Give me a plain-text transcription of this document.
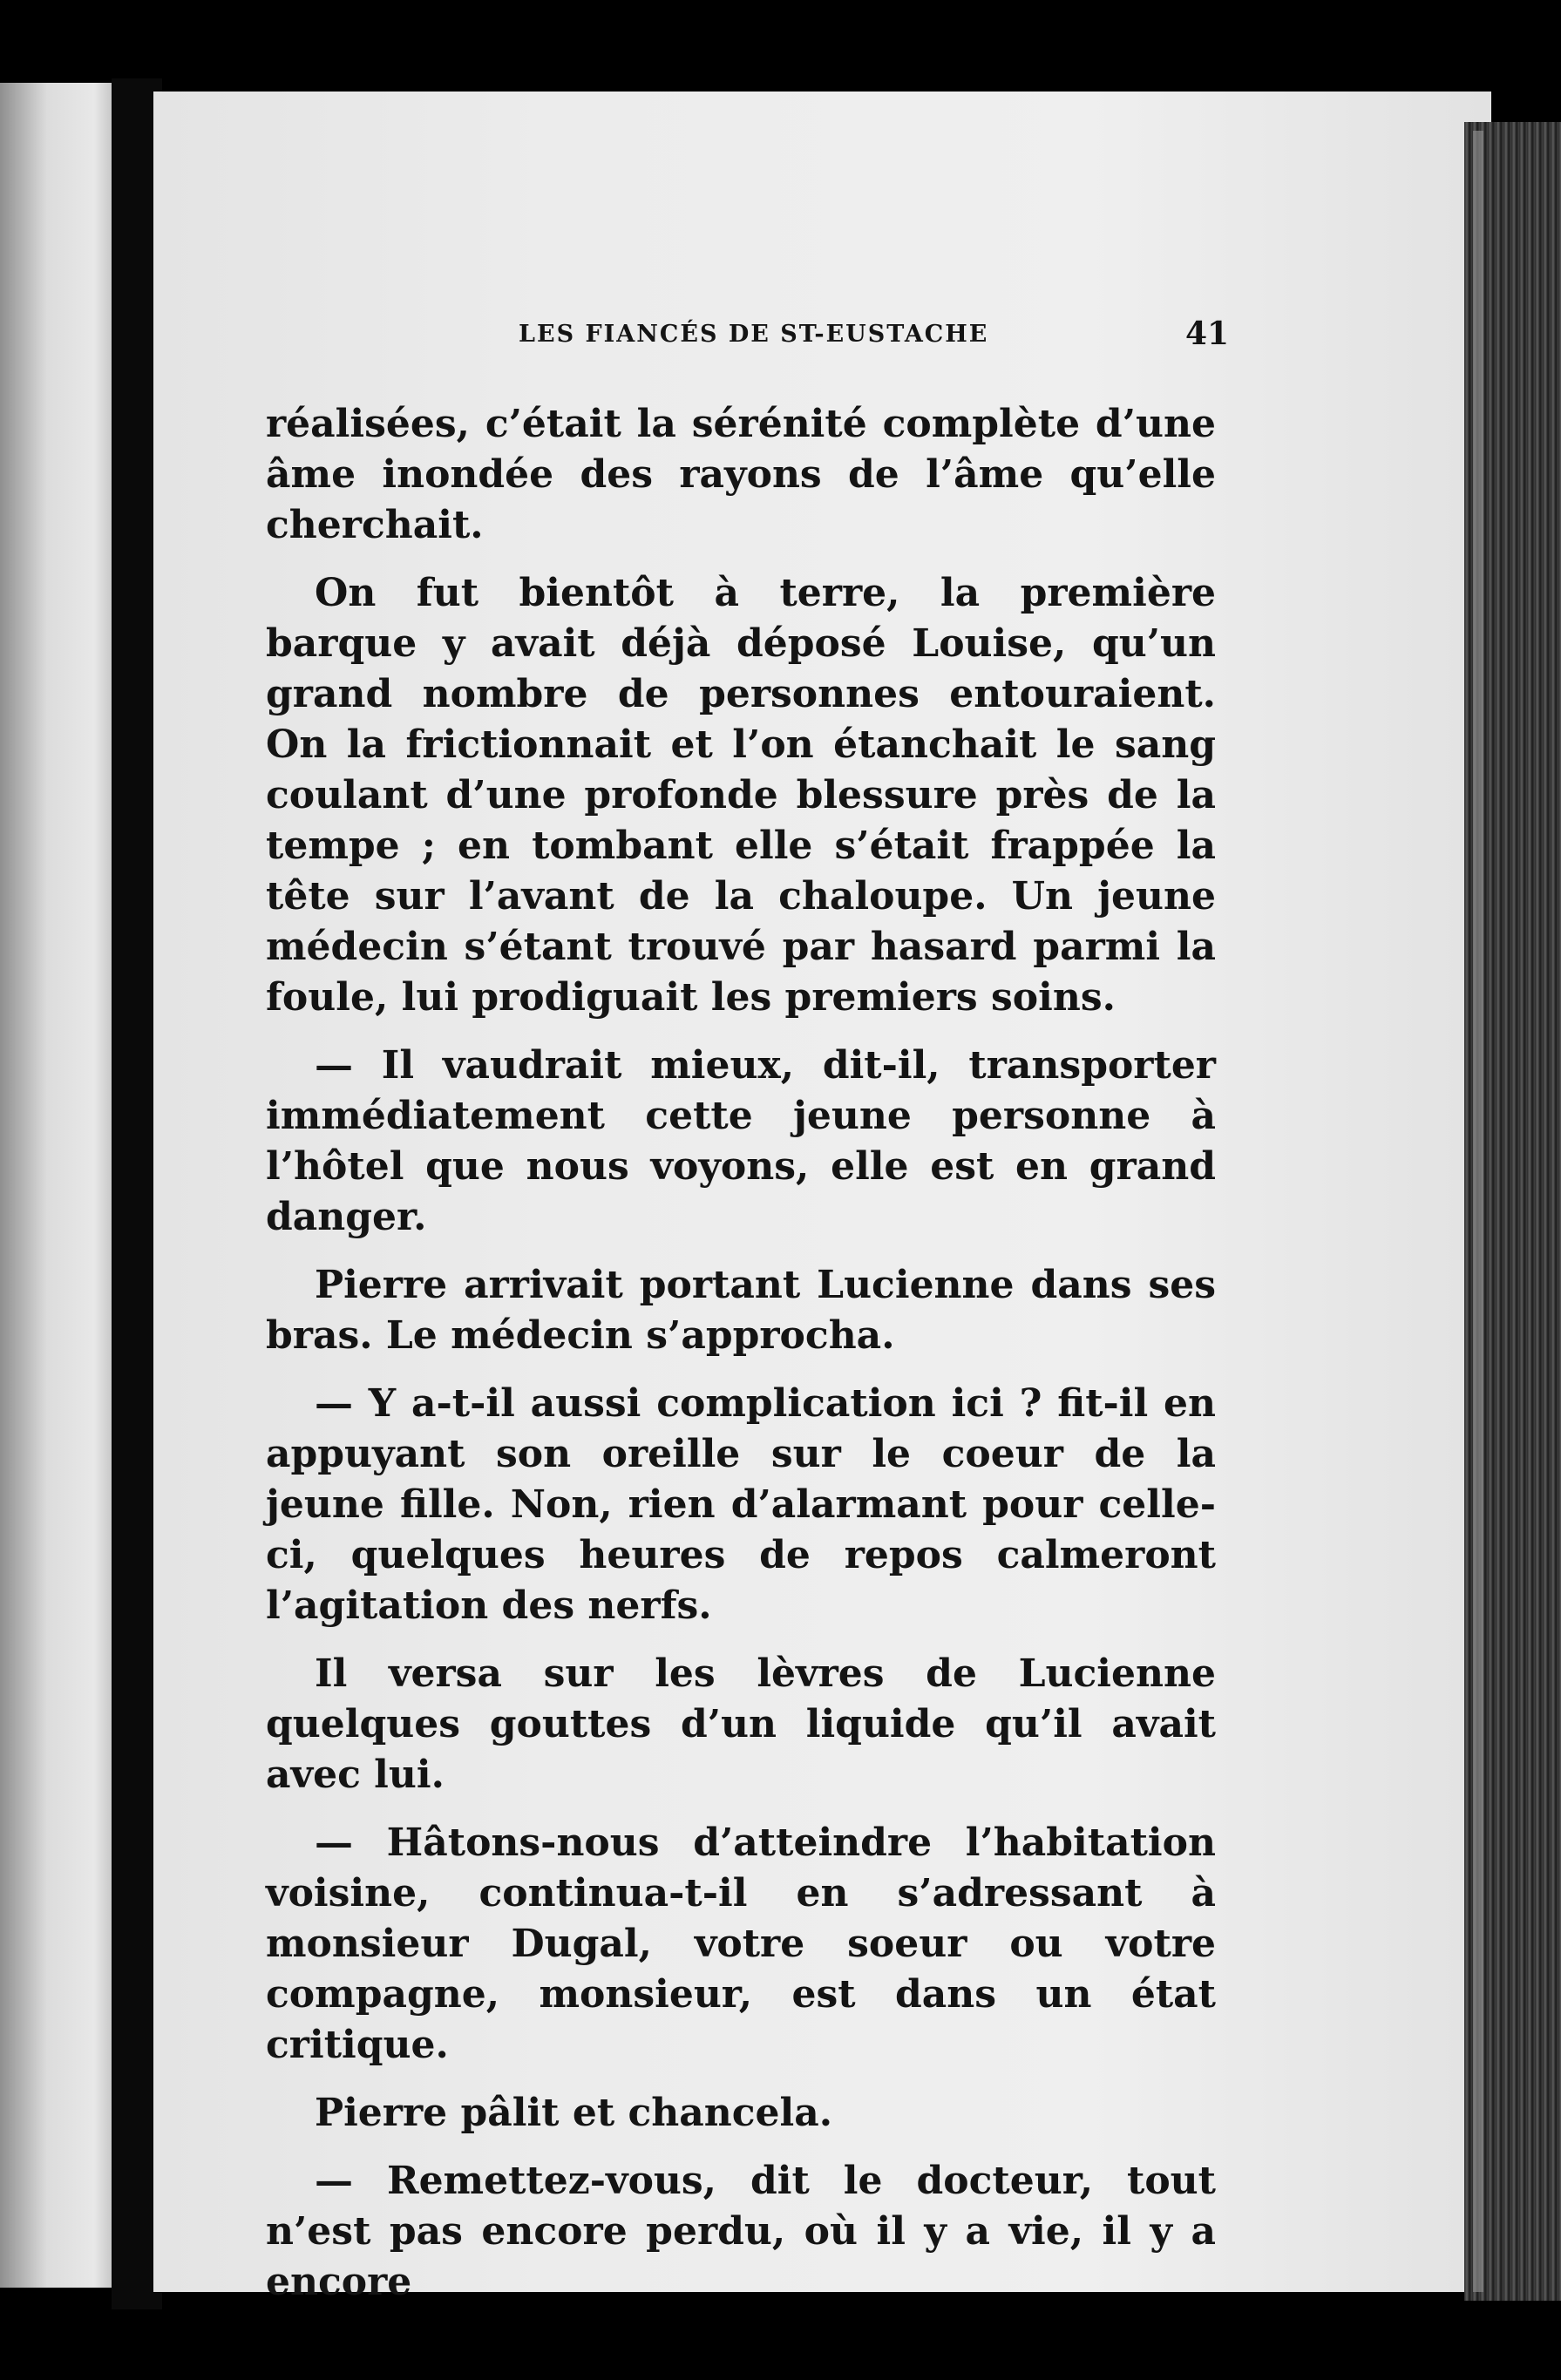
LES FIANCÉS DE ST-EUSTACHE	41

réalisées, c’était la sérénité complète d’une âme inondée des rayons de l’âme qu’elle cherchait.

On fut bientôt à terre, la première barque y avait déjà déposé Louise, qu’un grand nombre de personnes entouraient. On la frictionnait et l’on étanchait le sang coulant d’une profonde blessure près de la tempe ; en tombant elle s’était frappée la tête sur l’avant de la chaloupe. Un jeune médecin s’étant trouvé par hasard parmi la foule, lui prodiguait les premiers soins.

— Il vaudrait mieux, dit-il, transporter immédiatement cette jeune personne à l’hôtel que nous voyons, elle est en grand danger.

Pierre arrivait portant Lucienne dans ses bras. Le médecin s’approcha.

— Y a-t-il aussi complication ici ? fit-il en appuyant son oreille sur le coeur de la jeune fille. Non, rien d’alarmant pour celle-ci, quelques heures de repos calmeront l’agitation des nerfs.

Il versa sur les lèvres de Lucienne quelques gouttes d’un liquide qu’il avait avec lui.

— Hâtons-nous d’atteindre l’habitation voisine, continua-t-il en s’adressant à monsieur Dugal, votre soeur ou votre compagne, monsieur, est dans un état critique.

Pierre pâlit et chancela.

— Remettez-vous, dit le docteur, tout n’est pas encore perdu, où il y a vie, il y a encore
